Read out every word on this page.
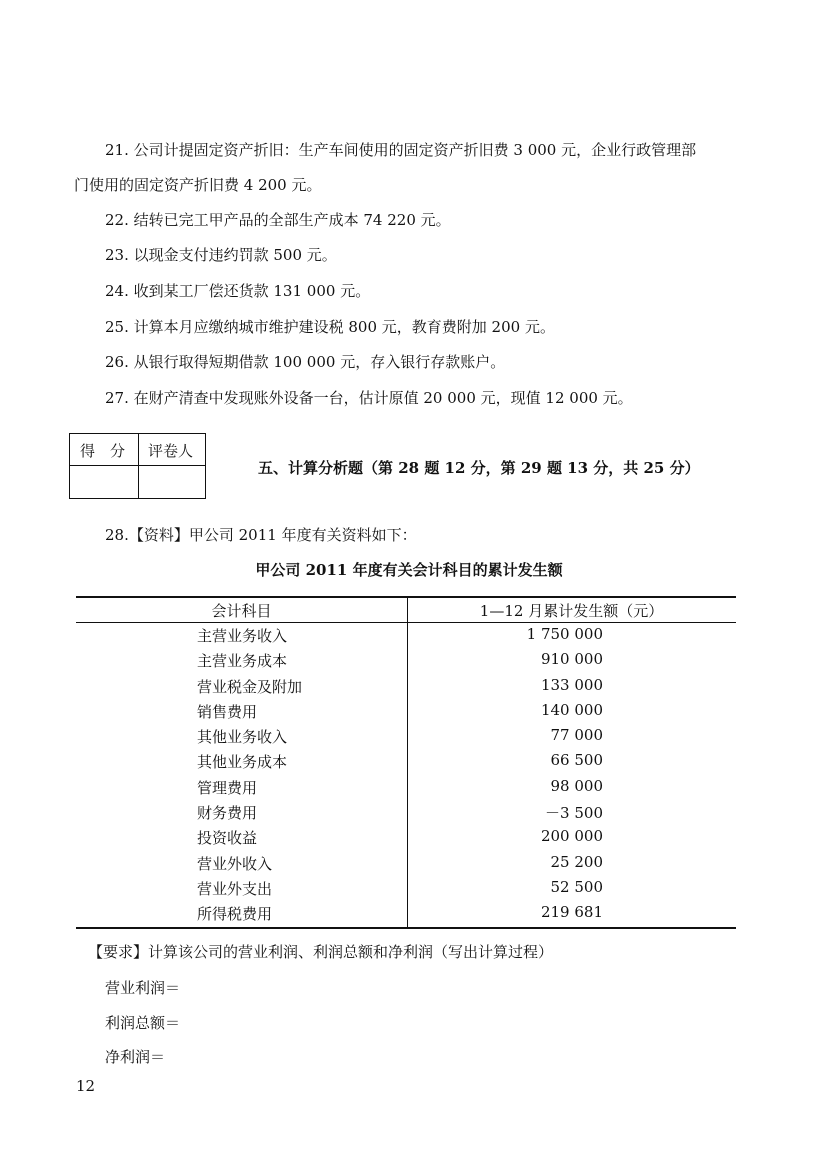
21. 公司计提固定资产折旧：生产车间使用的固定资产折旧费 3 000 元，企业行政管理部
门使用的固定资产折旧费 4 200 元。
22. 结转已完工甲产品的全部生产成本 74 220 元。
23. 以现金支付违约罚款 500 元。
24. 收到某工厂偿还货款 131 000 元。
25. 计算本月应缴纳城市维护建设税 800 元，教育费附加 200 元。
26. 从银行取得短期借款 100 000 元，存入银行存款账户。
27. 在财产清查中发现账外设备一台，估计原值 20 000 元，现值 12 000 元。
得　分 评卷人
五、计算分析题（第 28 题 12 分，第 29 题 13 分，共 25 分）
28.【资料】甲公司 2011 年度有关资料如下：
甲公司 2011 年度有关会计科目的累计发生额
会计科目	1—12 月累计发生额（元）
主营业务收入	1 750 000
主营业务成本	910 000
营业税金及附加	133 000
销售费用	140 000
其他业务收入	77 000
其他业务成本	66 500
管理费用	98 000
财务费用	－3 500
投资收益	200 000
营业外收入	25 200
营业外支出	52 500
所得税费用	219 681
【要求】计算该公司的营业利润、利润总额和净利润（写出计算过程）
营业利润＝
利润总额＝
净利润＝
12
